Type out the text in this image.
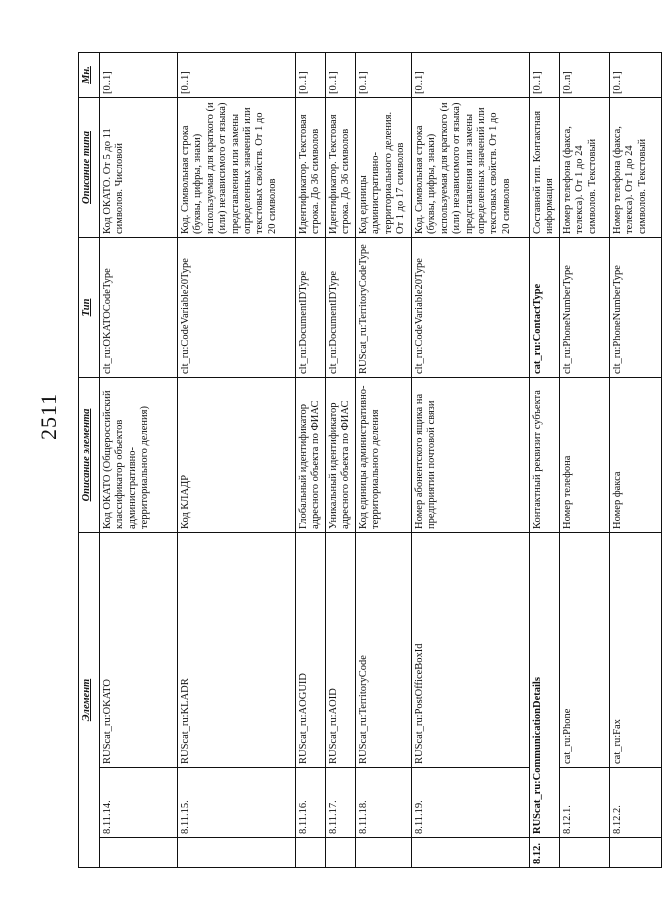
2511
Элемент			Описание элемента	Тип	Описание типа	Мн.
	8.11.14.	RUScat_ru:OKATO	Код ОКАТО (Общероссийский классификатор объектов административно-территориального деления)	clt_ru:OKATOCodeType	Код ОКАТО. От 5 до 11 символов. Числовой	[0..1]
	8.11.15.	RUScat_ru:KLADR	Код КЛАДР	clt_ru:CodeVariable20Type	Код. Символьная строка (буквы, цифры, знаки) используемая для краткого (и (или) независимого от языка) представления или замены определенных значений или текстовых свойств. От 1 до 20 символов	[0..1]
	8.11.16.	RUScat_ru:AOGUID	Глобальный идентификатор адресного объекта по ФИАС	clt_ru:DocumentIDType	Идентификатор. Текстовая строка. До 36 символов	[0..1]
	8.11.17.	RUScat_ru:AOID	Уникальный идентификатор адресного объекта по ФИАС	clt_ru:DocumentIDType	Идентификатор. Текстовая строка. До 36 символов	[0..1]
	8.11.18.	RUScat_ru:TerritoryCode	Код единицы административно-территориального деления	RUScat_ru:TerritoryCodeType	Код единицы административно-территориального деления. От 1 до 17 символов	[0..1]
	8.11.19.	RUScat_ru:PostOfficeBoxId	Номер абонентского ящика на предприятии почтовой связи	clt_ru:CodeVariable20Type	Код. Символьная строка (буквы, цифры, знаки) используемая для краткого (и (или) независимого от языка) представления или замены определенных значений или текстовых свойств. От 1 до 20 символов	[0..1]
8.12.	RUScat_ru:CommunicationDetails		Контактный реквизит субъекта	cat_ru:ContactType	Составной тип. Контактная информация	[0..1]
	8.12.1.	cat_ru:Phone	Номер телефона	clt_ru:PhoneNumberType	Номер телефона (факса, телекса). От 1 до 24 символов. Текстовый	[0..n]
	8.12.2.	cat_ru:Fax	Номер факса	clt_ru:PhoneNumberType	Номер телефона (факса, телекса). От 1 до 24 символов. Текстовый	[0..1]
